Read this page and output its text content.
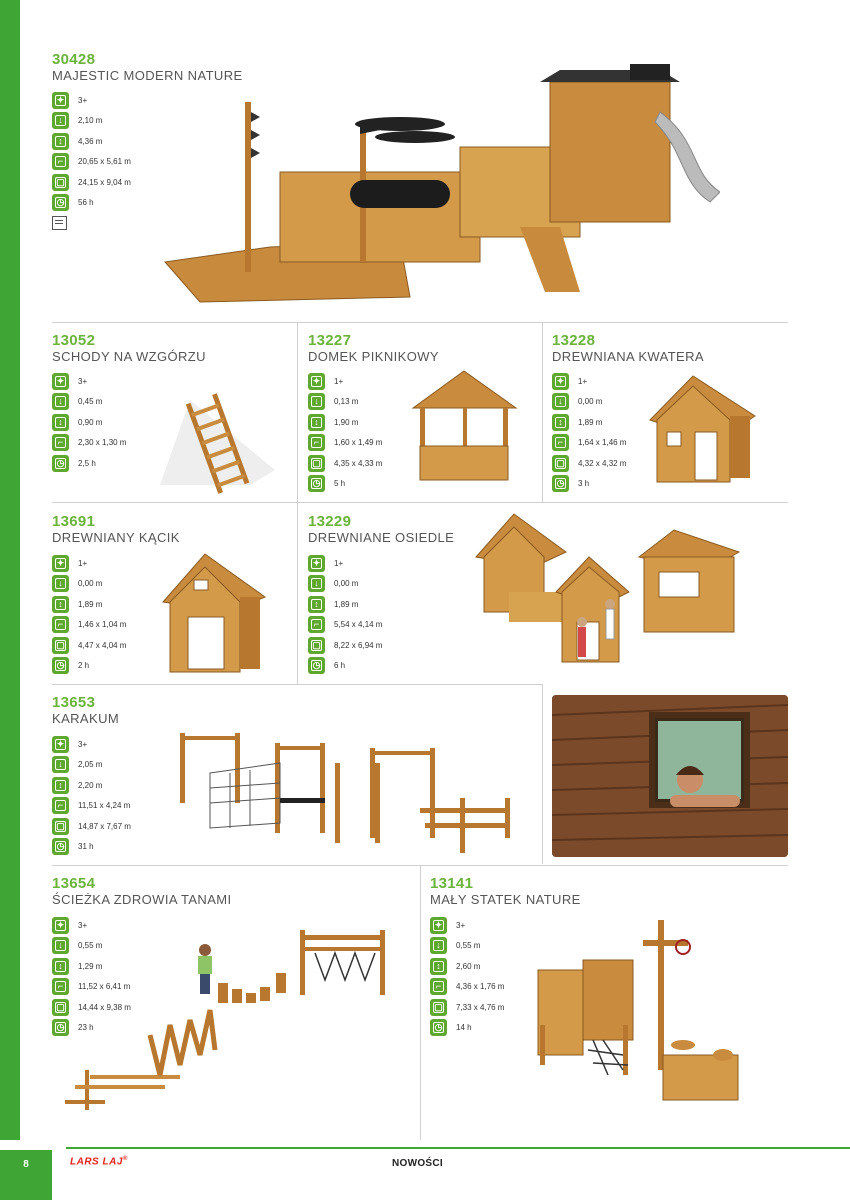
30428
MAJESTIC MODERN NATURE
✦	3+
↓	2,10 m
↕	4,36 m
⌐	20,65 x 5,61 m
▢	24,15 x 9,04 m
◷	56 h
13052
SCHODY NA WZGÓRZU
✦	3+
↓	0,45 m
↕	0,90 m
⌐	2,30 x 1,30 m
◷	2,5 h
13227
DOMEK PIKNIKOWY
✦	1+
↓	0,13 m
↕	1,90 m
⌐	1,60 x 1,49 m
▢	4,35 x 4,33 m
◷	5 h
13228
DREWNIANA KWATERA
✦	1+
↓	0,00 m
↕	1,89 m
⌐	1,64 x 1,46 m
▢	4,32 x 4,32 m
◷	3 h
13691
DREWNIANY KĄCIK
✦	1+
↓	0,00 m
↕	1,89 m
⌐	1,46 x 1,04 m
▢	4,47 x 4,04 m
◷	2 h
13229
DREWNIANE OSIEDLE
✦	1+
↓	0,00 m
↕	1,89 m
⌐	5,54 x 4,14 m
▢	8,22 x 6,94 m
◷	6 h
13653
KARAKUM
✦	3+
↓	2,05 m
↕	2,20 m
⌐	11,51 x 4,24 m
▢	14,87 x 7,67 m
◷	31 h
13654
ŚCIEŻKA ZDROWIA TANAMI
✦	3+
↓	0,55 m
↕	1,29 m
⌐	11,52 x 6,41 m
▢	14,44 x 9,38 m
◷	23 h
13141
MAŁY STATEK NATURE
✦	3+
↓	0,55 m
↕	2,60 m
⌐	4,36 x 1,76 m
▢	7,33 x 4,76 m
◷	14 h
8	LARS LAJ®	NOWOŚCI
